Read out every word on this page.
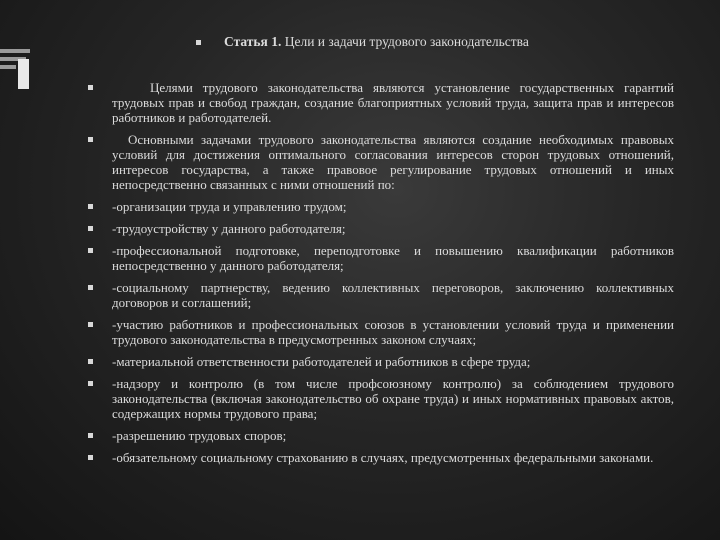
Статья 1. Цели и задачи трудового законодательства
Целями трудового законодательства являются установление государственных гарантий трудовых прав и свобод граждан, создание благоприятных условий труда, защита прав и интересов работников и работодателей.
Основными задачами трудового законодательства являются создание необходимых правовых условий для достижения оптимального согласования интересов сторон трудовых отношений, интересов государства, а также правовое регулирование трудовых отношений и иных непосредственно связанных с ними отношений по:
-организации труда и управлению трудом;
-трудоустройству у данного работодателя;
-профессиональной подготовке, переподготовке и повышению квалификации работников непосредственно у данного работодателя;
-социальному партнерству, ведению коллективных переговоров, заключению коллективных договоров и соглашений;
-участию работников и профессиональных союзов в установлении условий труда и применении трудового законодательства в предусмотренных законом случаях;
-материальной ответственности работодателей и работников в сфере труда;
-надзору и контролю (в том числе профсоюзному контролю) за соблюдением трудового законодательства (включая законодательство об охране труда) и иных нормативных правовых актов, содержащих нормы трудового права;
-разрешению трудовых споров;
-обязательному социальному страхованию в случаях, предусмотренных федеральными законами.
